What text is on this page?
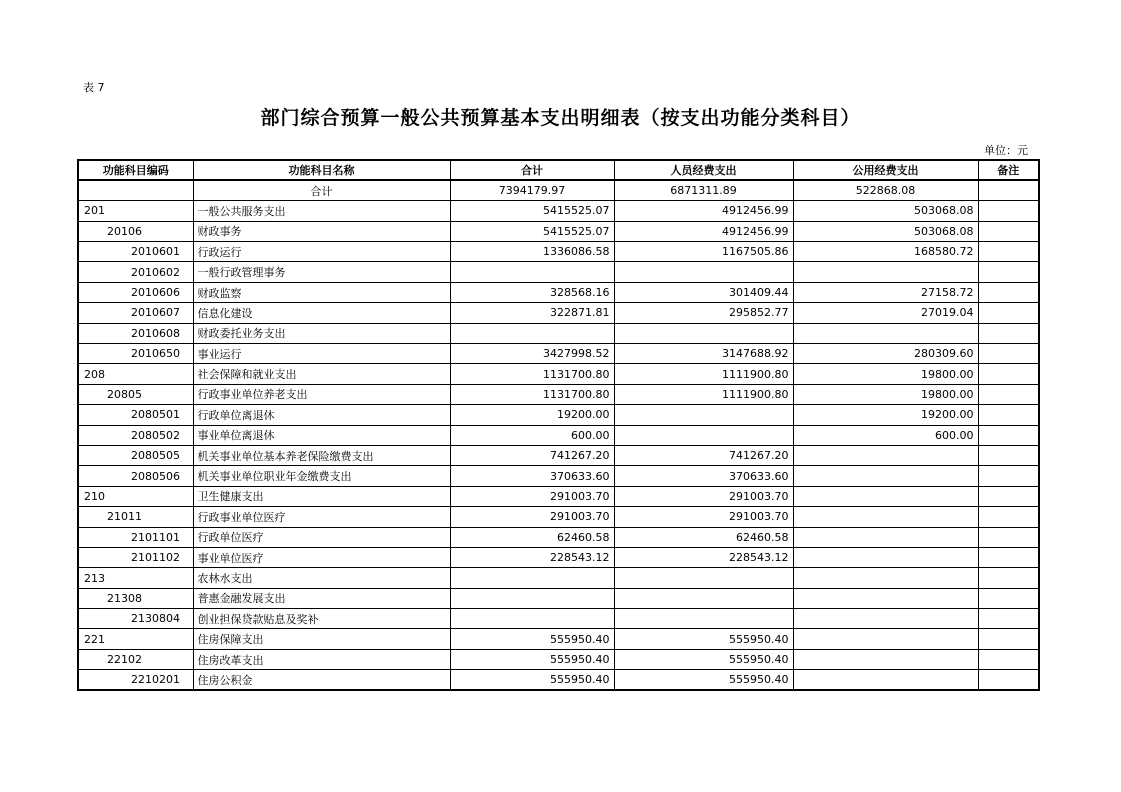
表 7
部门综合预算一般公共预算基本支出明细表（按支出功能分类科目）
单位：元
功能科目编码	功能科目名称	合计	人员经费支出	公用经费支出	备注
	合计	7394179.97	6871311.89	522868.08	
201	一般公共服务支出	5415525.07	4912456.99	503068.08	
20106	财政事务	5415525.07	4912456.99	503068.08	
2010601	行政运行	1336086.58	1167505.86	168580.72	
2010602	一般行政管理事务				
2010606	财政监察	328568.16	301409.44	27158.72	
2010607	信息化建设	322871.81	295852.77	27019.04	
2010608	财政委托业务支出				
2010650	事业运行	3427998.52	3147688.92	280309.60	
208	社会保障和就业支出	1131700.80	1111900.80	19800.00	
20805	行政事业单位养老支出	1131700.80	1111900.80	19800.00	
2080501	行政单位离退休	19200.00		19200.00	
2080502	事业单位离退休	600.00		600.00	
2080505	机关事业单位基本养老保险缴费支出	741267.20	741267.20		
2080506	机关事业单位职业年金缴费支出	370633.60	370633.60		
210	卫生健康支出	291003.70	291003.70		
21011	行政事业单位医疗	291003.70	291003.70		
2101101	行政单位医疗	62460.58	62460.58		
2101102	事业单位医疗	228543.12	228543.12		
213	农林水支出				
21308	普惠金融发展支出				
2130804	创业担保贷款贴息及奖补				
221	住房保障支出	555950.40	555950.40		
22102	住房改革支出	555950.40	555950.40		
2210201	住房公积金	555950.40	555950.40		
